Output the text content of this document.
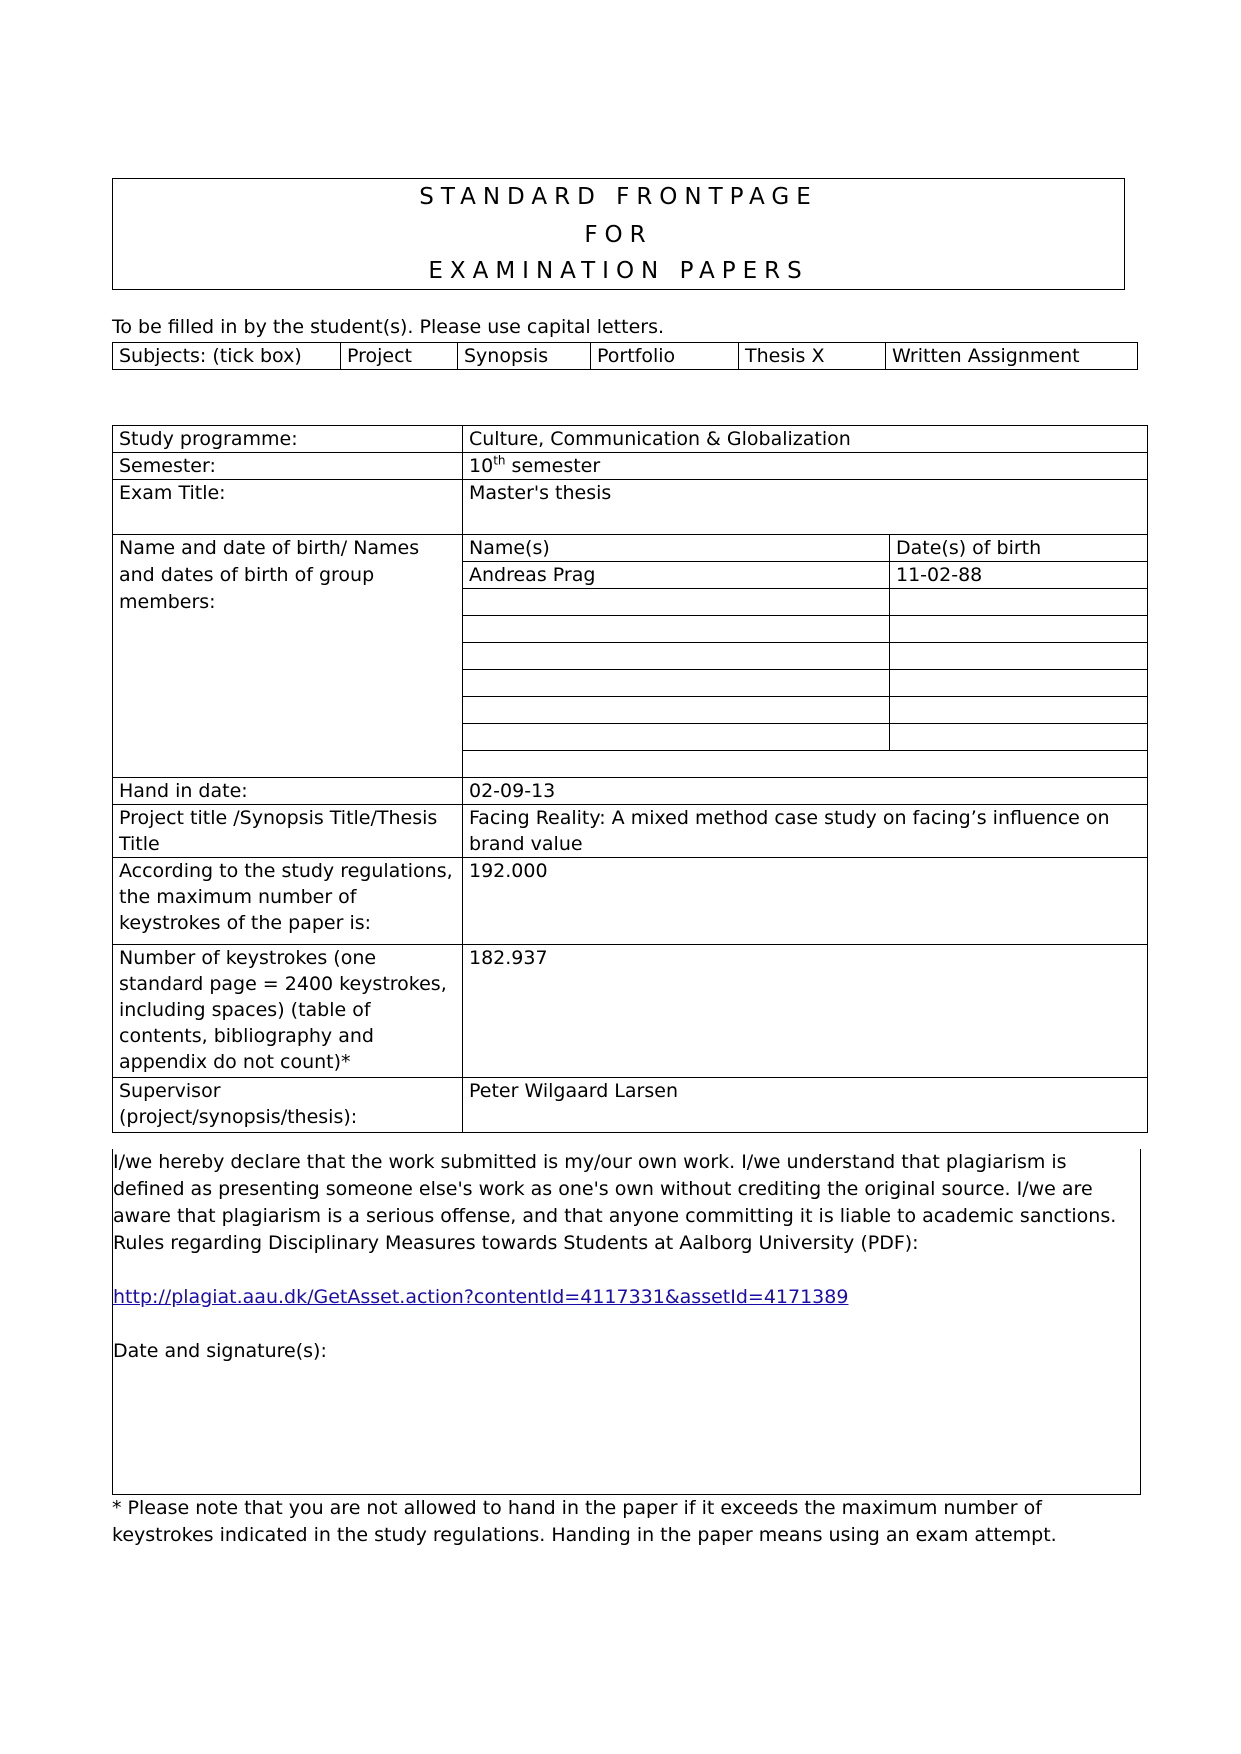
STANDARD FRONTPAGE
FOR
EXAMINATION PAPERS
To be filled in by the student(s). Please use capital letters.
Subjects: (tick box)	Project	Synopsis	Portfolio	Thesis X	Written Assignment
Study programme:	Culture, Communication & Globalization	
Semester:	10th semester	
Exam Title:	Master's thesis	
Name and date of birth/ Names and dates of birth of group members:	Name(s)	Date(s) of birth
	Andreas Prag	11-02-88

Hand in date:	02-09-13	
Project title /Synopsis Title/Thesis Title	Facing Reality: A mixed method case study on facing’s influence on brand value	
According to the study regulations, the maximum number of keystrokes of the paper is:	192.000	
Number of keystrokes (one standard page = 2400 keystrokes, including spaces) (table of contents, bibliography and appendix do not count)*	182.937	
Supervisor (project/synopsis/thesis):	Peter Wilgaard Larsen	

I/we hereby declare that the work submitted is my/our own work. I/we understand that plagiarism is defined as presenting someone else's work as one's own without crediting the original source. I/we are aware that plagiarism is a serious offense, and that anyone committing it is liable to academic sanctions.

Rules regarding Disciplinary Measures towards Students at Aalborg University (PDF):

http://plagiat.aau.dk/GetAsset.action?contentId=4117331&assetId=4171389

Date and signature(s):

* Please note that you are not allowed to hand in the paper if it exceeds the maximum number of keystrokes indicated in the study regulations. Handing in the paper means using an exam attempt.
